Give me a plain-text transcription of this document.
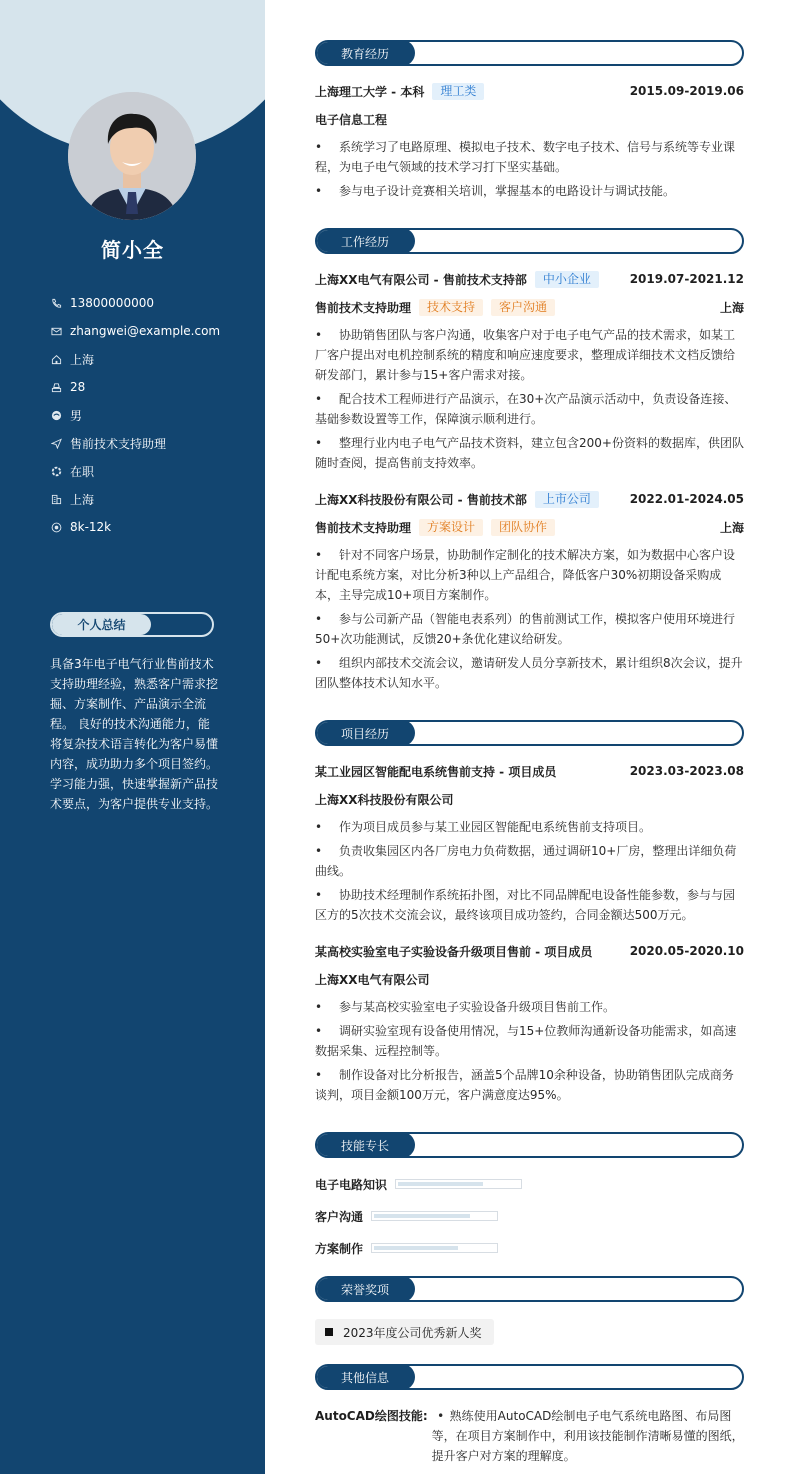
简小全
13800000000
zhangwei@example.com
上海
28
男
售前技术支持助理
在职
上海
8k-12k
个人总结
具备3年电子电气行业售前技术支持助理经验，熟悉客户需求挖掘、方案制作、产品演示全流程。 良好的技术沟通能力，能将复杂技术语言转化为客户易懂内容，成功助力多个项目签约。 学习能力强，快速掌握新产品技术要点，为客户提供专业支持。
教育经历
上海理工大学 - 本科	理工类	2015.09-2019.06
电子信息工程
• 系统学习了电路原理、模拟电子技术、数字电子技术、信号与系统等专业课程，为电子电气领域的技术学习打下坚实基础。
• 参与电子设计竞赛相关培训，掌握基本的电路设计与调试技能。
工作经历
上海XX电气有限公司 - 售前技术支持部	中小企业	2019.07-2021.12
售前技术支持助理	技术支持	客户沟通	上海
• 协助销售团队与客户沟通，收集客户对于电子电气产品的技术需求，如某工厂客户提出对电机控制系统的精度和响应速度要求，整理成详细技术文档反馈给研发部门，累计参与15+客户需求对接。
• 配合技术工程师进行产品演示，在30+次产品演示活动中，负责设备连接、基础参数设置等工作，保障演示顺利进行。
• 整理行业内电子电气产品技术资料，建立包含200+份资料的数据库，供团队随时查阅，提高售前支持效率。
上海XX科技股份有限公司 - 售前技术部	上市公司	2022.01-2024.05
售前技术支持助理	方案设计	团队协作	上海
• 针对不同客户场景，协助制作定制化的技术解决方案，如为数据中心客户设计配电系统方案，对比分析3种以上产品组合，降低客户30%初期设备采购成本，主导完成10+项目方案制作。
• 参与公司新产品（智能电表系列）的售前测试工作，模拟客户使用环境进行50+次功能测试，反馈20+条优化建议给研发。
• 组织内部技术交流会议，邀请研发人员分享新技术，累计组织8次会议，提升团队整体技术认知水平。
项目经历
某工业园区智能配电系统售前支持 - 项目成员	2023.03-2023.08
上海XX科技股份有限公司
• 作为项目成员参与某工业园区智能配电系统售前支持项目。
• 负责收集园区内各厂房电力负荷数据，通过调研10+厂房，整理出详细负荷曲线。
• 协助技术经理制作系统拓扑图，对比不同品牌配电设备性能参数，参与与园区方的5次技术交流会议，最终该项目成功签约，合同金额达500万元。
某高校实验室电子实验设备升级项目售前 - 项目成员	2020.05-2020.10
上海XX电气有限公司
• 参与某高校实验室电子实验设备升级项目售前工作。
• 调研实验室现有设备使用情况，与15+位教师沟通新设备功能需求，如高速数据采集、远程控制等。
• 制作设备对比分析报告，涵盖5个品牌10余种设备，协助销售团队完成商务谈判，项目金额100万元，客户满意度达95%。
技能专长
电子电路知识
客户沟通
方案制作
荣誉奖项
2023年度公司优秀新人奖
其他信息
AutoCAD绘图技能: • 熟练使用AutoCAD绘制电子电气系统电路图、布局图等，在项目方案制作中，利用该技能制作清晰易懂的图纸，提升客户对方案的理解度。
